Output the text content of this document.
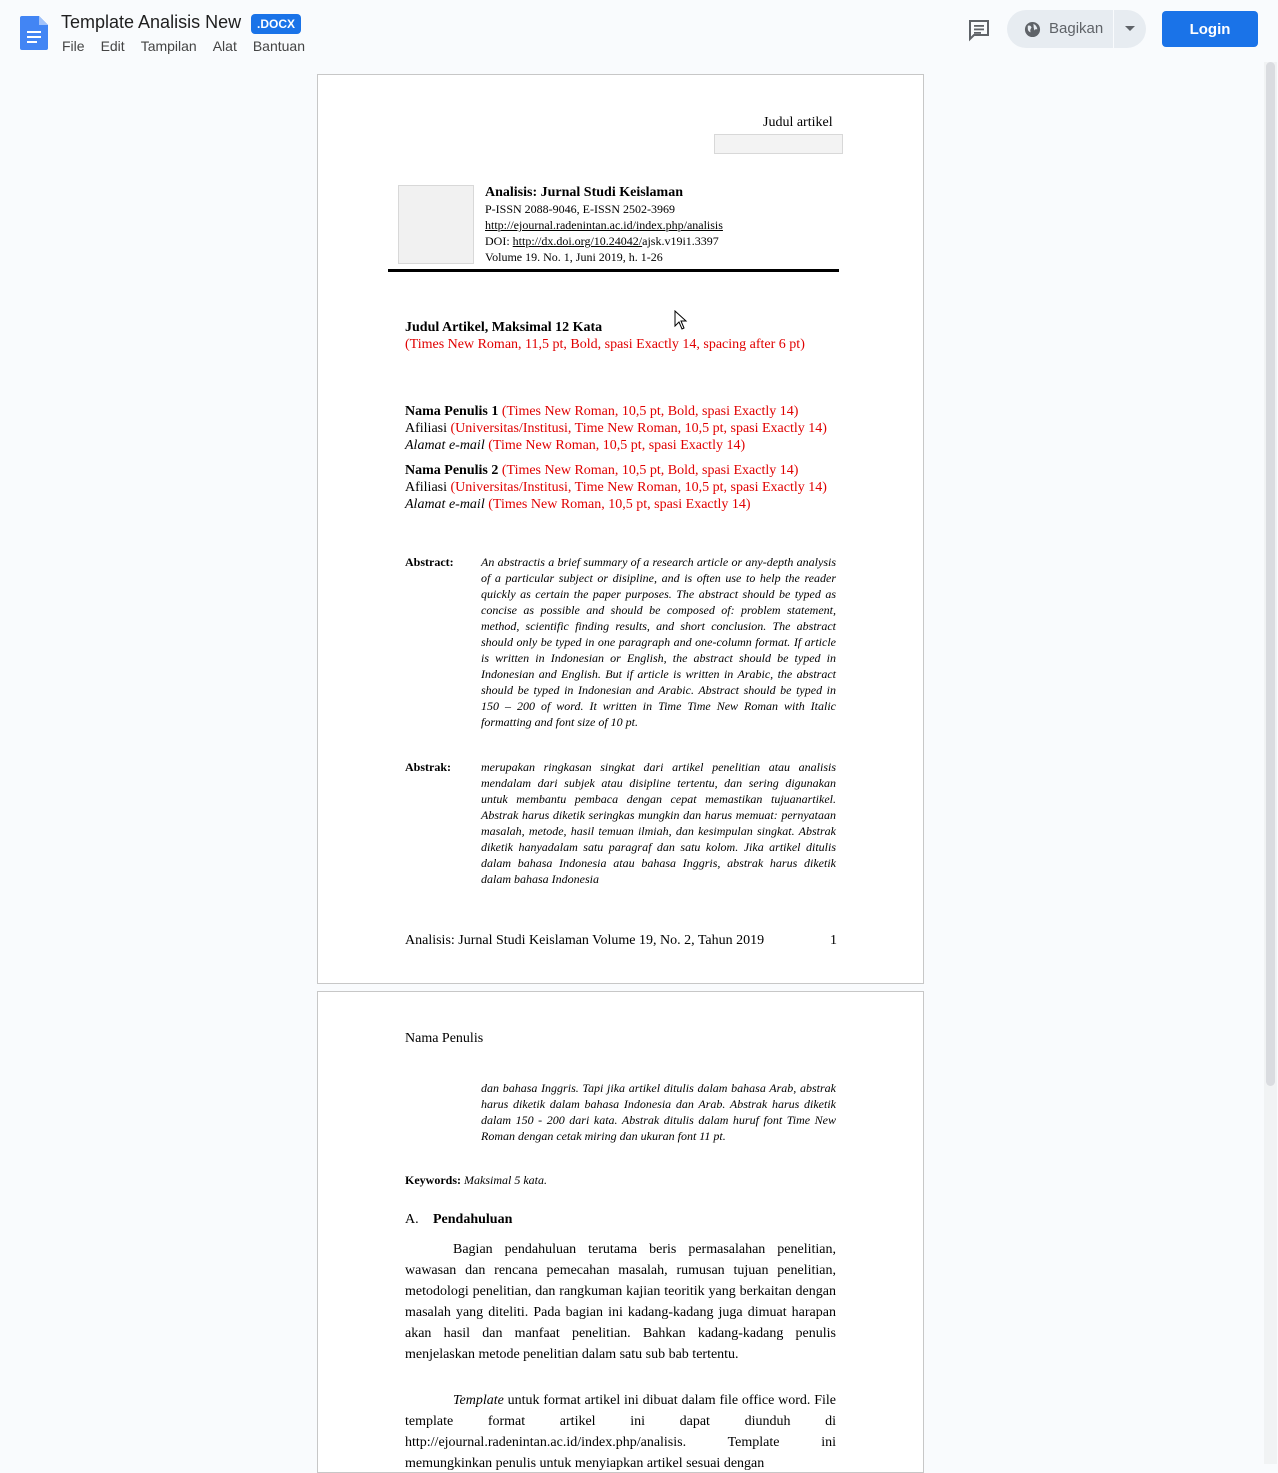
Template Analisis New	.DOCX
File Edit Tampilan Alat Bantuan
Bagikan	Login
Judul artikel
Analisis: Jurnal Studi Keislaman
P-ISSN 2088-9046, E-ISSN 2502-3969
http://ejournal.radenintan.ac.id/index.php/analisis
DOI: http://dx.doi.org/10.24042/ajsk.v19i1.3397
Volume 19. No. 1, Juni 2019, h. 1-26
Judul Artikel, Maksimal 12 Kata
(Times New Roman, 11,5 pt, Bold, spasi Exactly 14, spacing after 6 pt)
Nama Penulis 1 (Times New Roman, 10,5 pt, Bold, spasi Exactly 14)
Afiliasi (Universitas/Institusi, Time New Roman, 10,5 pt, spasi Exactly 14)
Alamat e-mail (Time New Roman, 10,5 pt, spasi Exactly 14)
Nama Penulis 2 (Times New Roman, 10,5 pt, Bold, spasi Exactly 14)
Afiliasi (Universitas/Institusi, Time New Roman, 10,5 pt, spasi Exactly 14)
Alamat e-mail (Times New Roman, 10,5 pt, spasi Exactly 14)
Abstract: An abstractis a brief summary of a research article or any-depth analysis of a particular subject or disipline, and is often use to help the reader quickly as certain the paper purposes. The abstract should be typed as concise as possible and should be composed of: problem statement, method, scientific finding results, and short conclusion. The abstract should only be typed in one paragraph and one-column format. If article is written in Indonesian or English, the abstract should be typed in Indonesian and English. But if article is written in Arabic, the abstract should be typed in Indonesian and Arabic. Abstract should be typed in 150 – 200 of word. It written in Time Time New Roman with Italic formatting and font size of 10 pt.
Abstrak: merupakan ringkasan singkat dari artikel penelitian atau analisis mendalam dari subjek atau disipline tertentu, dan sering digunakan untuk membantu pembaca dengan cepat memastikan tujuanartikel. Abstrak harus diketik seringkas mungkin dan harus memuat: pernyataan masalah, metode, hasil temuan ilmiah, dan kesimpulan singkat. Abstrak diketik hanyadalam satu paragraf dan satu kolom. Jika artikel ditulis dalam bahasa Indonesia atau bahasa Inggris, abstrak harus diketik dalam bahasa Indonesia
Analisis: Jurnal Studi Keislaman Volume 19, No. 2, Tahun 2019	1
Nama Penulis
dan bahasa Inggris. Tapi jika artikel ditulis dalam bahasa Arab, abstrak harus diketik dalam bahasa Indonesia dan Arab. Abstrak harus diketik dalam 150 - 200 dari kata. Abstrak ditulis dalam huruf font Time New Roman dengan cetak miring dan ukuran font 11 pt.
Keywords: Maksimal 5 kata.
A. Pendahuluan
Bagian pendahuluan terutama beris permasalahan penelitian, wawasan dan rencana pemecahan masalah, rumusan tujuan penelitian, metodologi penelitian, dan rangkuman kajian teoritik yang berkaitan dengan masalah yang diteliti. Pada bagian ini kadang-kadang juga dimuat harapan akan hasil dan manfaat penelitian. Bahkan kadang-kadang penulis menjelaskan metode penelitian dalam satu sub bab tertentu.
Template untuk format artikel ini dibuat dalam file office word. File template format artikel ini dapat diunduh di http://ejournal.radenintan.ac.id/index.php/analisis. Template ini memungkinkan penulis untuk menyiapkan artikel sesuai dengan
